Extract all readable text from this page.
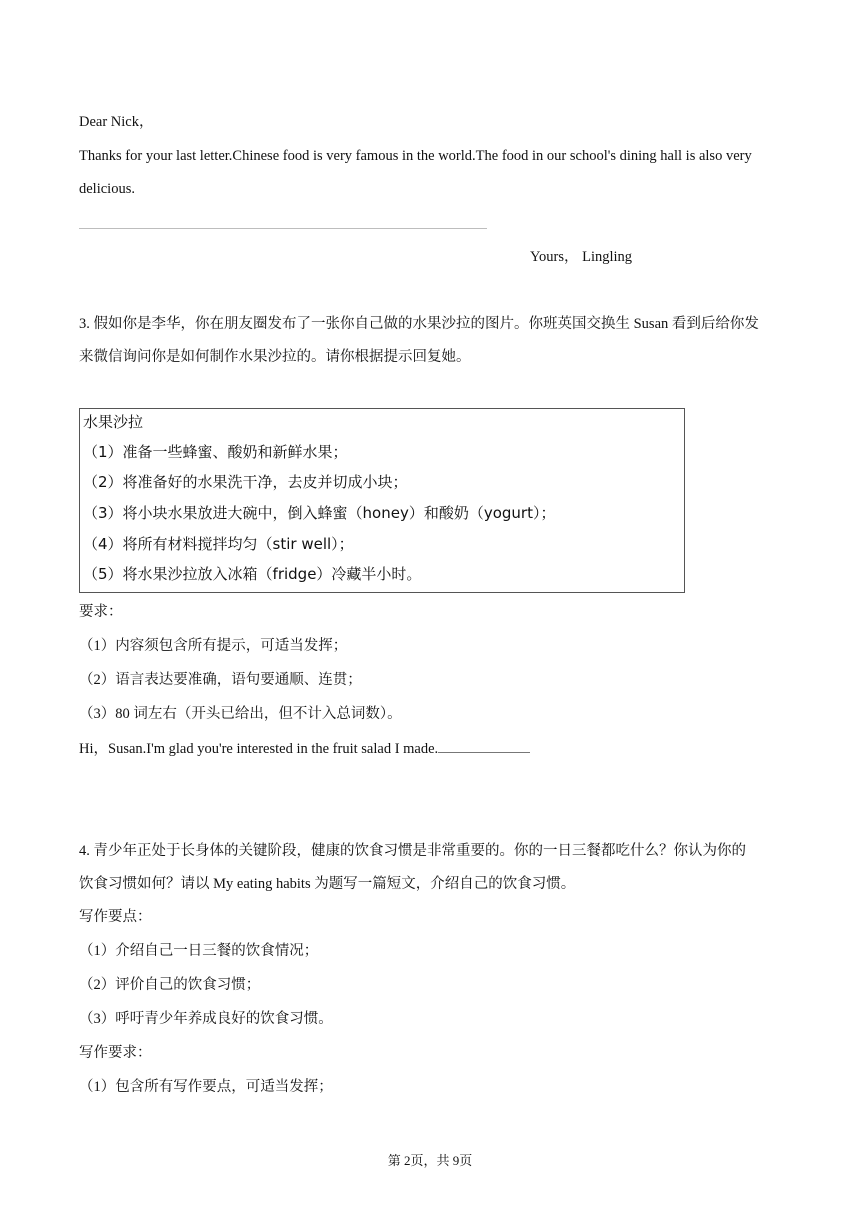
Dear Nick，
Thanks for your last letter.Chinese food is very famous in the world.The food in our school's dining hall is also very
delicious.
Yours， Lingling
3. 假如你是李华，你在朋友圈发布了一张你自己做的水果沙拉的图片。你班英国交换生 Susan 看到后给你发
来微信询问你是如何制作水果沙拉的。请你根据提示回复她。
水果沙拉
（1）准备一些蜂蜜、酸奶和新鲜水果；
（2）将准备好的水果洗干净，去皮并切成小块；
（3）将小块水果放进大碗中，倒入蜂蜜（honey）和酸奶（yogurt）；
（4）将所有材料搅拌均匀（stir well）；
（5）将水果沙拉放入冰箱（fridge）冷藏半小时。
要求：
（1）内容须包含所有提示，可适当发挥；
（2）语言表达要准确，语句要通顺、连贯；
（3）80 词左右（开头已给出，但不计入总词数）。
Hi，Susan.I'm glad you're interested in the fruit salad I made.
4. 青少年正处于长身体的关键阶段，健康的饮食习惯是非常重要的。你的一日三餐都吃什么？你认为你的
饮食习惯如何？请以 My eating habits 为题写一篇短文，介绍自己的饮食习惯。
写作要点：
（1）介绍自己一日三餐的饮食情况；
（2）评价自己的饮食习惯；
（3）呼吁青少年养成良好的饮食习惯。
写作要求：
（1）包含所有写作要点，可适当发挥；
第 2页，共 9页
